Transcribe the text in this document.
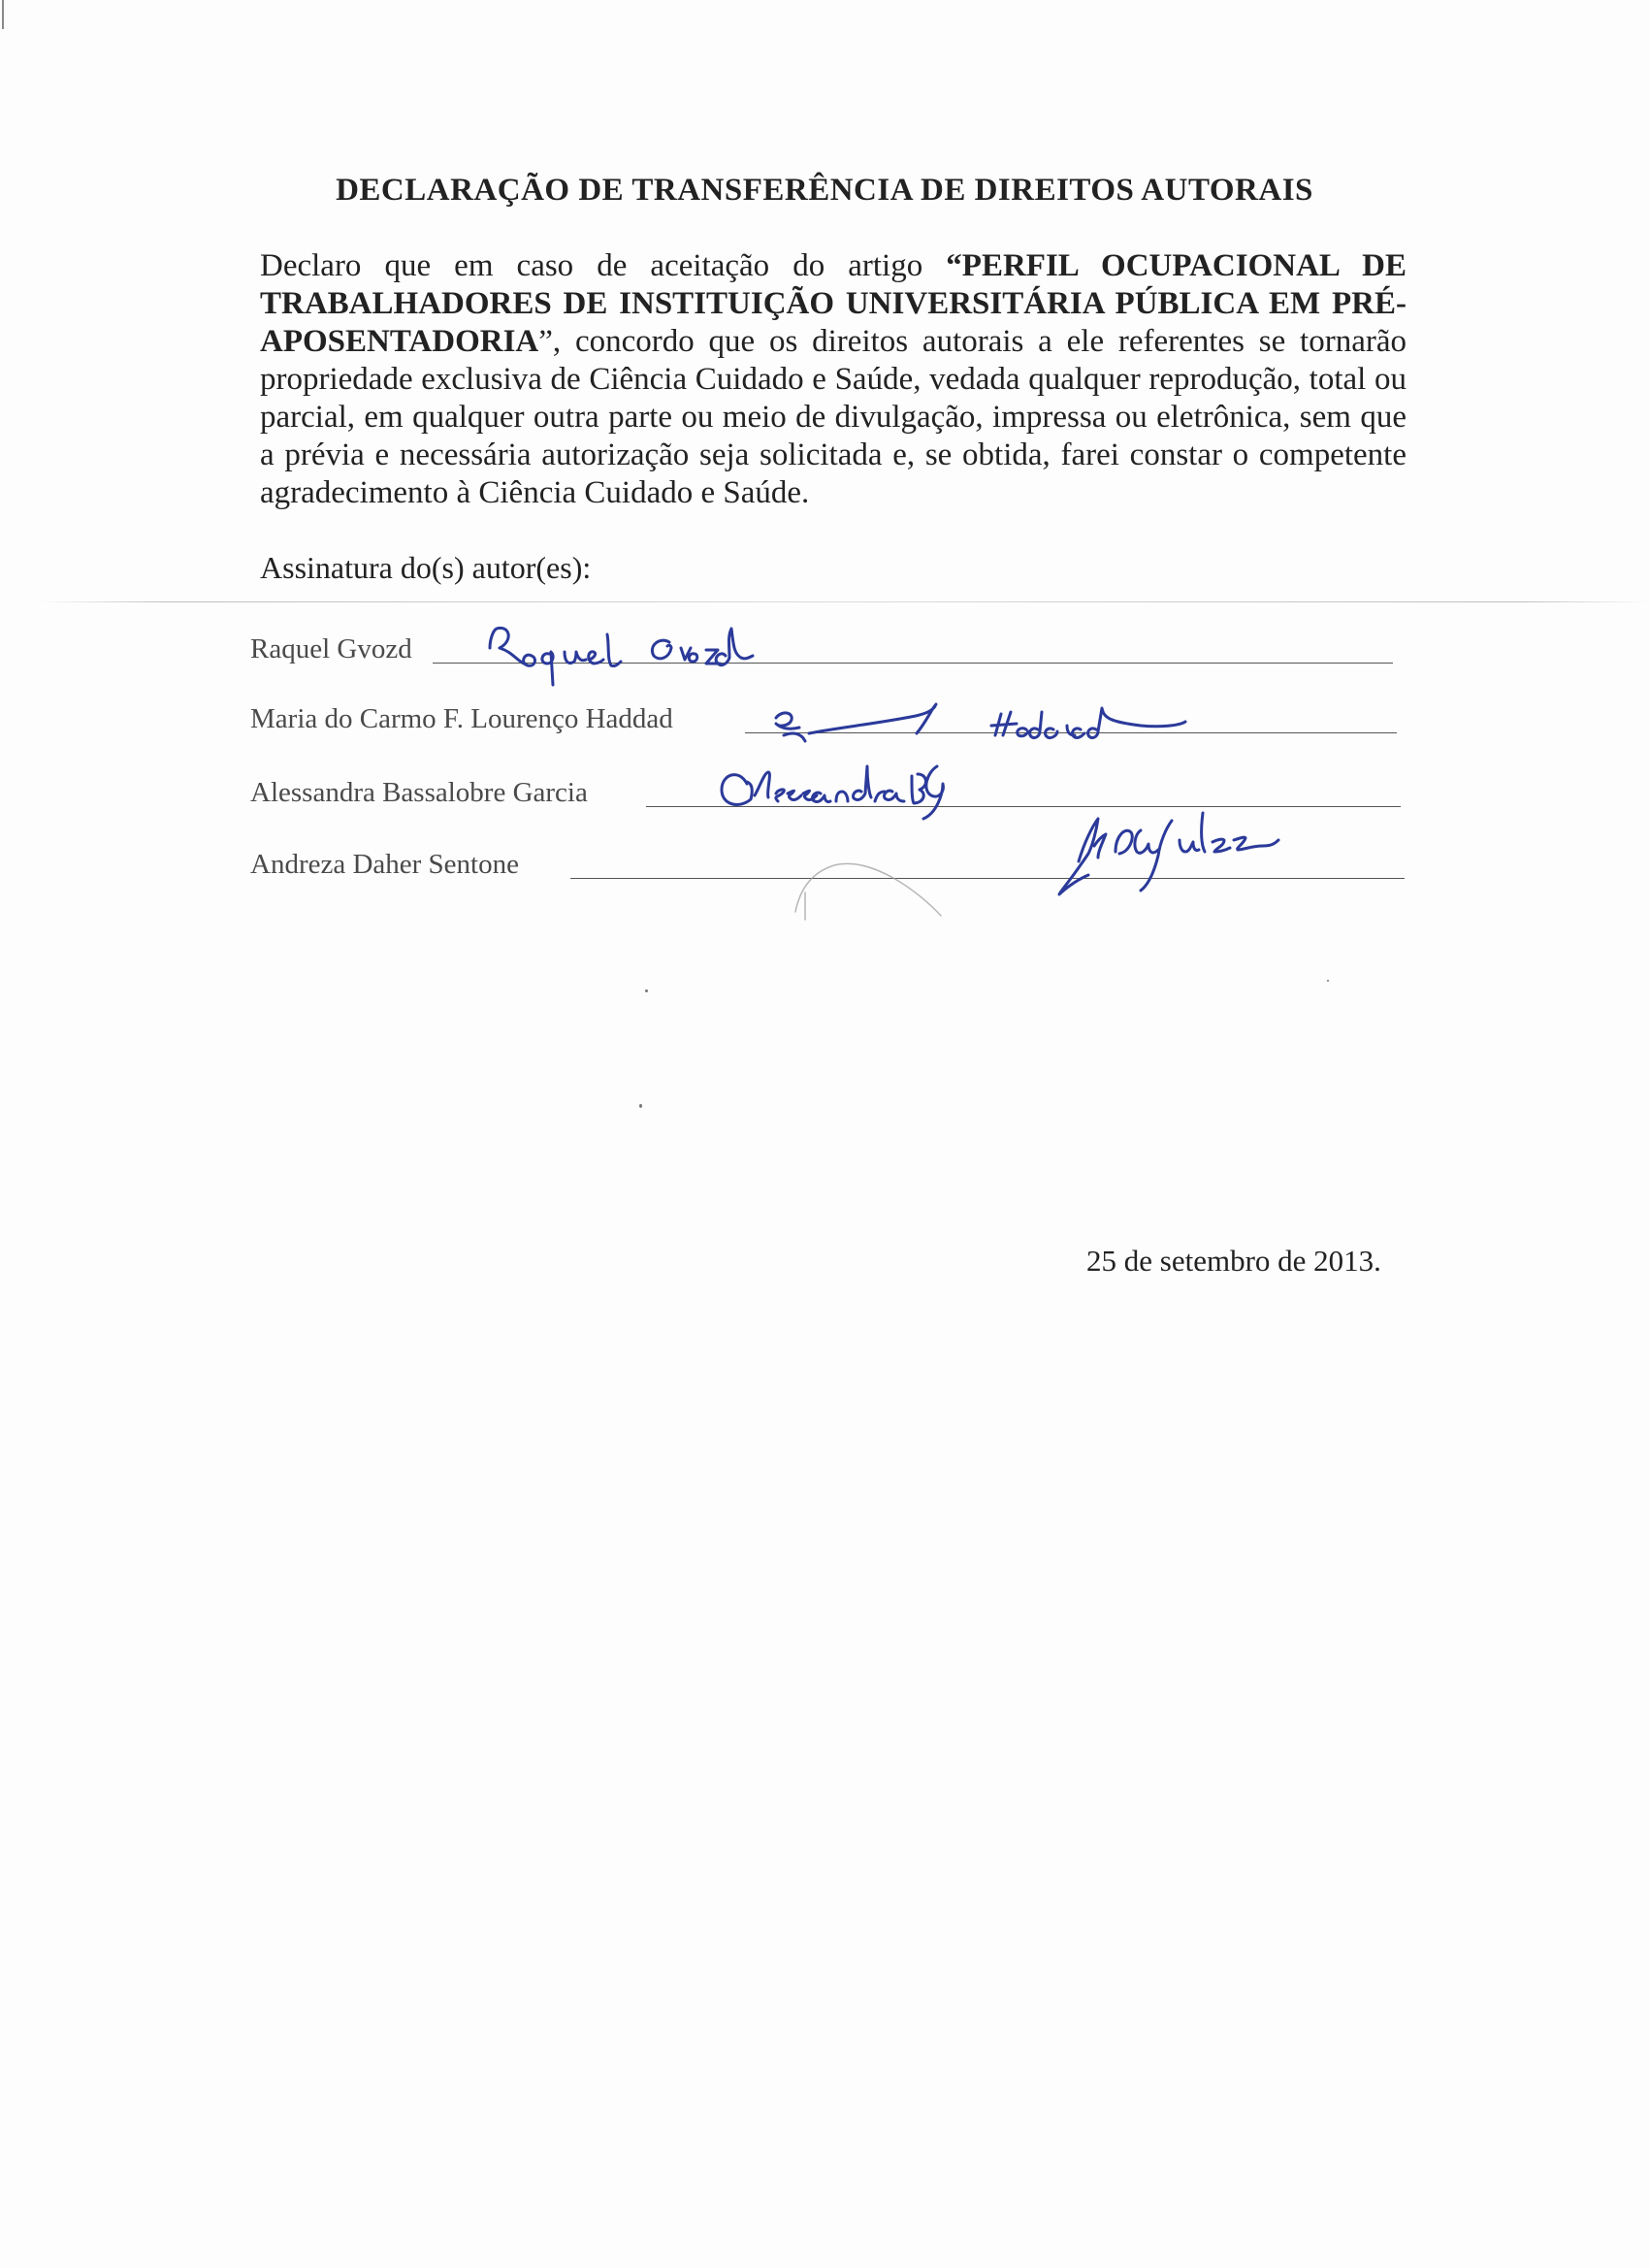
DECLARAÇÃO DE TRANSFERÊNCIA DE DIREITOS AUTORAIS
Declaro que em caso de aceitação do artigo “PERFIL OCUPACIONAL DE TRABALHADORES DE INSTITUIÇÃO UNIVERSITÁRIA PÚBLICA EM PRÉ-APOSENTADORIA”, concordo que os direitos autorais a ele referentes se tornarão propriedade exclusiva de Ciência Cuidado e Saúde, vedada qualquer reprodução, total ou parcial, em qualquer outra parte ou meio de divulgação, impressa ou eletrônica, sem que a prévia e necessária autorização seja solicitada e, se obtida, farei constar o competente agradecimento à Ciência Cuidado e Saúde.
Assinatura do(s) autor(es):
Raquel Gvozd
Maria do Carmo F. Lourenço Haddad
Alessandra Bassalobre Garcia
Andreza Daher Sentone
25 de setembro de 2013.
